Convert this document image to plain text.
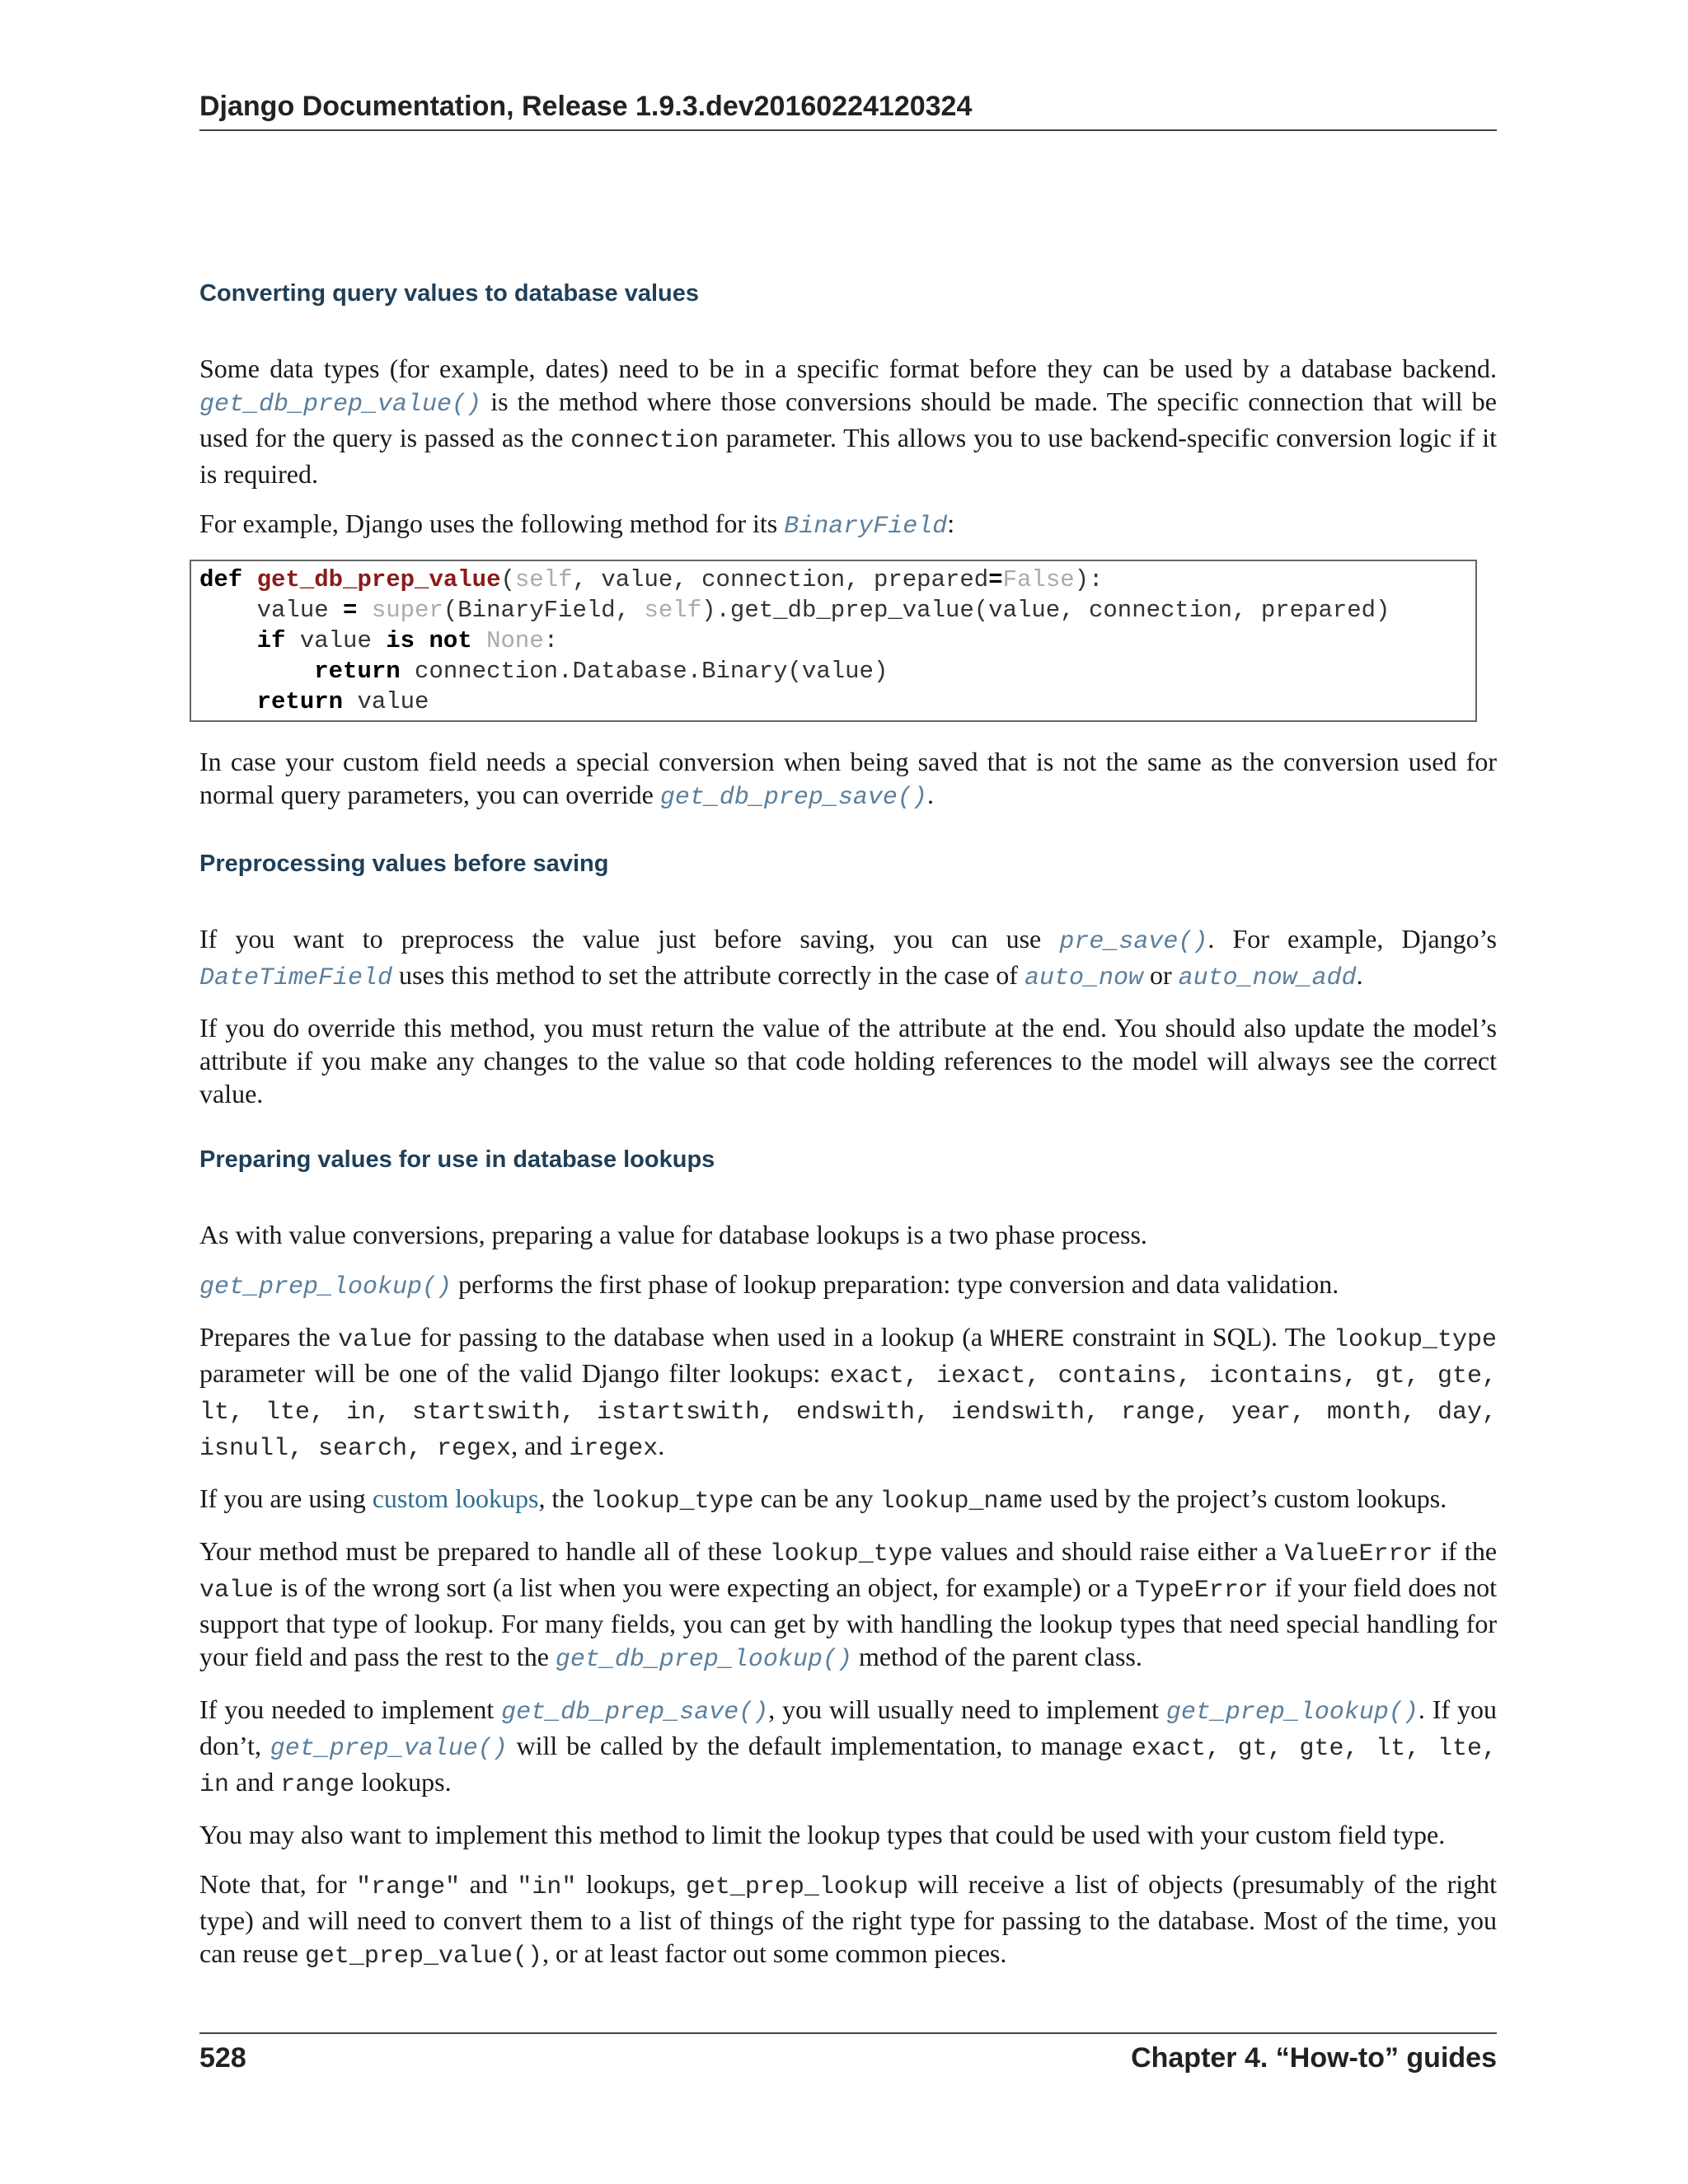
Django Documentation, Release 1.9.3.dev20160224120324
Converting query values to database values

Some data types (for example, dates) need to be in a specific format before they can be used by a database backend. get_db_prep_value() is the method where those conversions should be made. The specific connection that will be used for the query is passed as the connection parameter. This allows you to use backend-specific conversion logic if it is required.

For example, Django uses the following method for its BinaryField:

def get_db_prep_value(self, value, connection, prepared=False):
value = super(BinaryField, self).get_db_prep_value(value, connection, prepared)
if value is not None:
return connection.Database.Binary(value)
return value

In case your custom field needs a special conversion when being saved that is not the same as the conversion used for normal query parameters, you can override get_db_prep_save().

Preprocessing values before saving

If you want to preprocess the value just before saving, you can use pre_save(). For example, Django’s DateTimeField uses this method to set the attribute correctly in the case of auto_now or auto_now_add.

If you do override this method, you must return the value of the attribute at the end. You should also update the model’s attribute if you make any changes to the value so that code holding references to the model will always see the correct value.

Preparing values for use in database lookups

As with value conversions, preparing a value for database lookups is a two phase process.

get_prep_lookup() performs the first phase of lookup preparation: type conversion and data validation.

Prepares the value for passing to the database when used in a lookup (a WHERE constraint in SQL). The lookup_type parameter will be one of the valid Django filter lookups: exact, iexact, contains, icontains, gt, gte, lt, lte, in, startswith, istartswith, endswith, iendswith, range, year, month, day, isnull, search, regex, and iregex.

If you are using custom lookups, the lookup_type can be any lookup_name used by the project’s custom lookups.

Your method must be prepared to handle all of these lookup_type values and should raise either a ValueError if the value is of the wrong sort (a list when you were expecting an object, for example) or a TypeError if your field does not support that type of lookup. For many fields, you can get by with handling the lookup types that need special handling for your field and pass the rest to the get_db_prep_lookup() method of the parent class.

If you needed to implement get_db_prep_save(), you will usually need to implement get_prep_lookup(). If you don’t, get_prep_value() will be called by the default implementation, to manage exact, gt, gte, lt, lte, in and range lookups.

You may also want to implement this method to limit the lookup types that could be used with your custom field type.

Note that, for "range" and "in" lookups, get_prep_lookup will receive a list of objects (presumably of the right type) and will need to convert them to a list of things of the right type for passing to the database. Most of the time, you can reuse get_prep_value(), or at least factor out some common pieces.

528	Chapter 4. “How-to” guides
